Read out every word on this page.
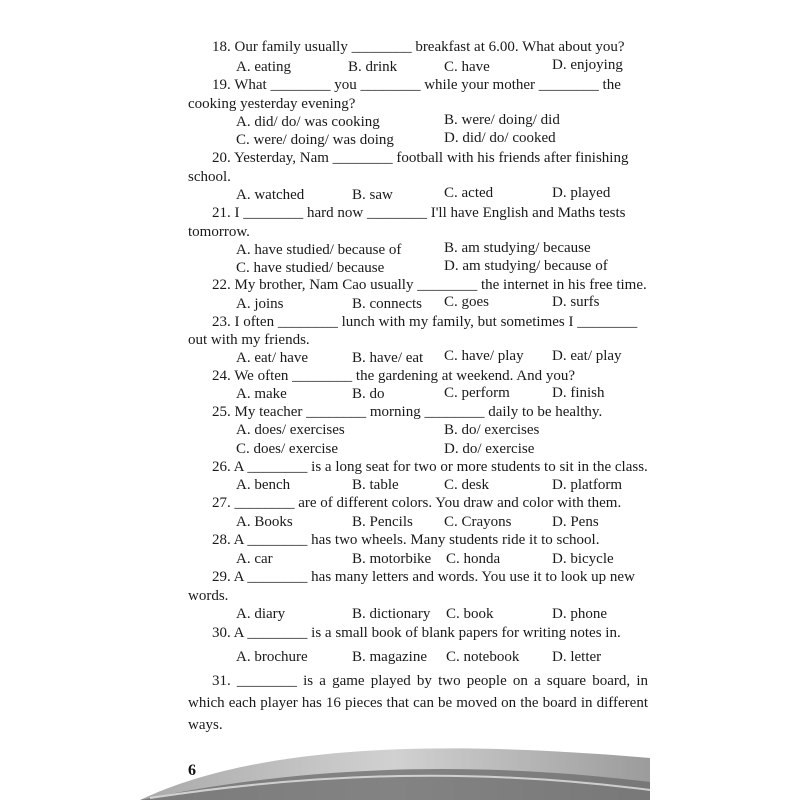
18. Our family usually ________ breakfast at 6.00. What about you?
A. eating	B. drink	C. have	D. enjoying
19. What ________ you ________ while your mother ________ the
cooking yesterday evening?
A. did/ do/ was cooking	B. were/ doing/ did
C. were/ doing/ was doing	D. did/ do/ cooked
20. Yesterday, Nam ________ football with his friends after finishing
school.
A. watched	B. saw	C. acted	D. played
21. I ________ hard now ________ I'll have English and Maths tests
tomorrow.
A. have studied/ because of	B. am studying/ because
C. have studied/ because	D. am studying/ because of
22. My brother, Nam Cao usually ________ the internet in his free time.
A. joins	B. connects C. goes	D. surfs
23. I often ________ lunch with my family, but sometimes I ________
out with my friends.
A. eat/ have	B. have/ eat C. have/ play D. eat/ play
24. We often ________ the gardening at weekend. And you?
A. make	B. do	C. perform	D. finish
25. My teacher ________ morning ________ daily to be healthy.
A. does/ exercises	B. do/ exercises
C. does/ exercise	D. do/ exercise
26. A ________ is a long seat for two or more students to sit in the class.
A. bench	B. table	C. desk	D. platform
27. ________ are of different colors. You draw and color with them.
A. Books	B. Pencils C. Crayons	D. Pens
28. A ________ has two wheels. Many students ride it to school.
A. car	B. motorbike C. honda	D. bicycle
29. A ________ has many letters and words. You use it to look up new
words.
A. diary	B. dictionary C. book	D. phone
30. A ________ is a small book of blank papers for writing notes in.
A. brochure	B. magazine C. notebook D. letter
31. ________ is a game played by two people on a square board, in which each player has 16 pieces that can be moved on the board in different ways.
6
